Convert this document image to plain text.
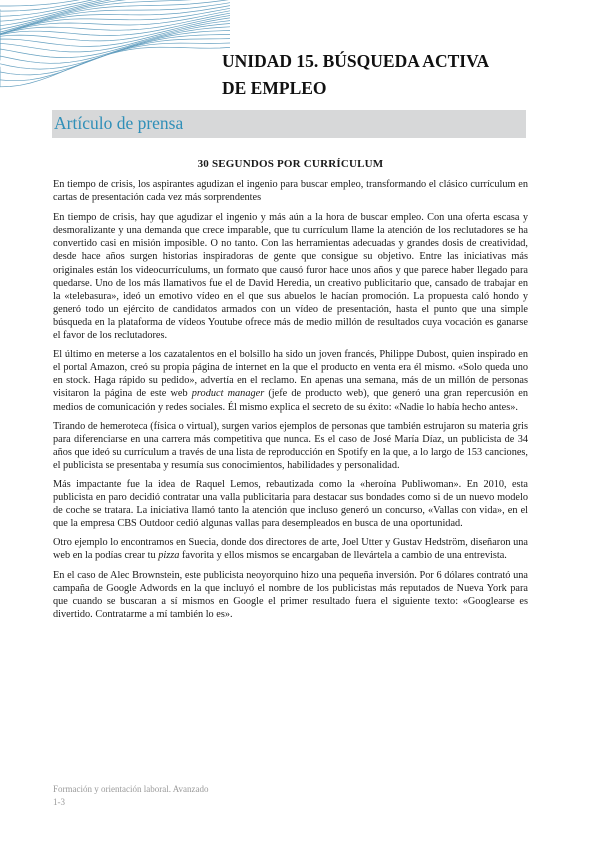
UNIDAD 15. BÚSQUEDA ACTIVA
DE EMPLEO
Artículo de prensa
30 SEGUNDOS POR CURRÍCULUM

En tiempo de crisis, los aspirantes agudizan el ingenio para buscar empleo, transformando el clásico currículum en cartas de presentación cada vez más sorprendentes

En tiempo de crisis, hay que agudizar el ingenio y más aún a la hora de buscar empleo. Con una oferta escasa y desmoralizante y una demanda que crece imparable, que tu currículum llame la atención de los reclutadores se ha convertido casi en misión imposible. O no tanto. Con las herramientas adecuadas y grandes dosis de creatividad, desde hace años surgen historias inspiradoras de gente que consigue su objetivo. Entre las iniciativas más originales están los videocurrículums, un formato que causó furor hace unos años y que parece haber llegado para quedarse. Uno de los más llamativos fue el de David Heredia, un creativo publicitario que, cansado de trabajar en la «telebasura», ideó un emotivo vídeo en el que sus abuelos le hacían promoción. La propuesta caló hondo y generó todo un ejército de candidatos armados con un vídeo de presentación, hasta el punto que una simple búsqueda en la plataforma de vídeos Youtube ofrece más de medio millón de resultados cuya vocación es ganarse el favor de los reclutadores.

El último en meterse a los cazatalentos en el bolsillo ha sido un joven francés, Philippe Dubost, quien inspirado en el portal Amazon, creó su propia página de internet en la que el producto en venta era él mismo. «Solo queda uno en stock. Haga rápido su pedido», advertía en el reclamo. En apenas una semana, más de un millón de personas visitaron la página de este web product manager (jefe de producto web), que generó una gran repercusión en medios de comunicación y redes sociales. Él mismo explica el secreto de su éxito: «Nadie lo había hecho antes».

Tirando de hemeroteca (física o virtual), surgen varios ejemplos de personas que también estrujaron su materia gris para diferenciarse en una carrera más competitiva que nunca. Es el caso de José María Díaz, un publicista de 34 años que ideó su currículum a través de una lista de reproducción en Spotify en la que, a lo largo de 153 canciones, el publicista se presentaba y resumía sus conocimientos, habilidades y personalidad.

Más impactante fue la idea de Raquel Lemos, rebautizada como la «heroína Publiwoman». En 2010, esta publicista en paro decidió contratar una valla publicitaria para destacar sus bondades como si de un nuevo modelo de coche se tratara. La iniciativa llamó tanto la atención que incluso generó un concurso, «Vallas con vida», en el que la empresa CBS Outdoor cedió algunas vallas para desempleados en busca de una oportunidad.

Otro ejemplo lo encontramos en Suecia, donde dos directores de arte, Joel Utter y Gustav Hedström, diseñaron una web en la podías crear tu pizza favorita y ellos mismos se encargaban de llevártela a cambio de una entrevista.

En el caso de Alec Brownstein, este publicista neoyorquino hizo una pequeña inversión. Por 6 dólares contrató una campaña de Google Adwords en la que incluyó el nombre de los publicistas más reputados de Nueva York para que cuando se buscaran a sí mismos en Google el primer resultado fuera el siguiente texto: «Googlearse es divertido. Contratarme a mí también lo es».

Formación y orientación laboral. Avanzado
1-3
